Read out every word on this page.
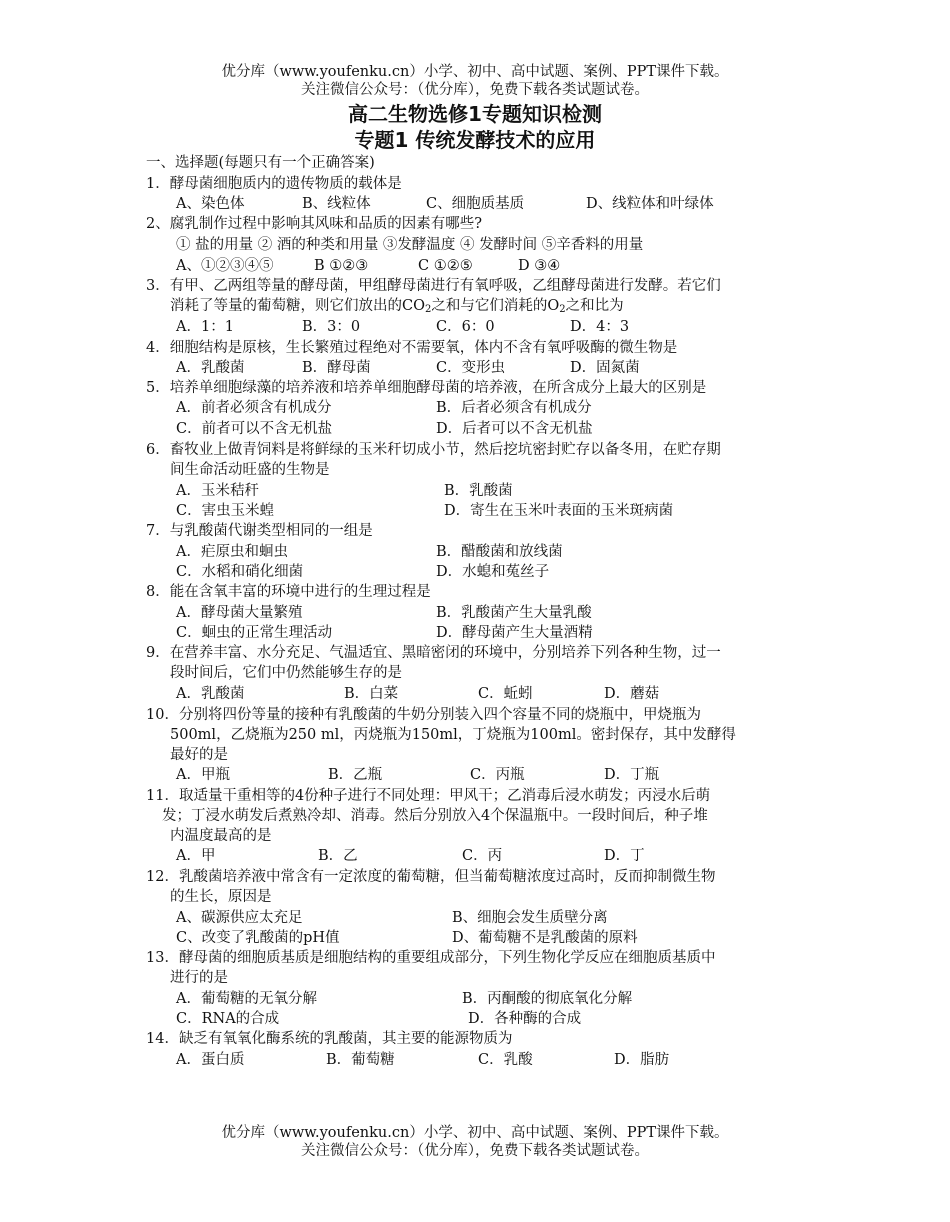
优分库（www.youfenku.cn）小学、初中、高中试题、案例、PPT课件下载。
关注微信公众号：（优分库），免费下载各类试题试卷。
高二生物选修1专题知识检测
专题1 传统发酵技术的应用
一、选择题(每题只有一个正确答案)
1．酵母菌细胞质内的遗传物质的载体是
A、染色体	B、线粒体	C、细胞质基质	D、线粒体和叶绿体
2、腐乳制作过程中影响其风味和品质的因素有哪些?
① 盐的用量 ② 酒的种类和用量 ③发酵温度 ④ 发酵时间 ⑤辛香料的用量
A、①②③④⑤	B ①②③	C ①②⑤	D ③④
3．有甲、乙两组等量的酵母菌，甲组酵母菌进行有氧呼吸，乙组酵母菌进行发酵。若它们
消耗了等量的葡萄糖，则它们放出的$CO_2$之和与它们消耗的$O_2$之和比为
A．1：1	B．3：0	C．6：0	D．4：3
4．细胞结构是原核，生长繁殖过程绝对不需要氧，体内不含有氧呼吸酶的微生物是
A．乳酸菌	B．酵母菌	C．变形虫	D．固氮菌
5．培养单细胞绿藻的培养液和培养单细胞酵母菌的培养液，在所含成分上最大的区别是
A．前者必须含有机成分	B．后者必须含有机成分
C．前者可以不含无机盐	D．后者可以不含无机盐
6．畜牧业上做青饲料是将鲜绿的玉米秆切成小节，然后挖坑密封贮存以备冬用，在贮存期
间生命活动旺盛的生物是
A．玉米秸秆	B．乳酸菌
C．害虫玉米蝗	D．寄生在玉米叶表面的玉米斑病菌
7．与乳酸菌代谢类型相同的一组是
A．疟原虫和蛔虫	B．醋酸菌和放线菌
C．水稻和硝化细菌	D．水螅和菟丝子
8．能在含氧丰富的环境中进行的生理过程是
A．酵母菌大量繁殖	B．乳酸菌产生大量乳酸
C．蛔虫的正常生理活动	D．酵母菌产生大量酒精
9．在营养丰富、水分充足、气温适宜、黑暗密闭的环境中，分别培养下列各种生物，过一
段时间后，它们中仍然能够生存的是
A．乳酸菌	B．白菜	C．蚯蚓	D．蘑菇
10．分别将四份等量的接种有乳酸菌的牛奶分别装入四个容量不同的烧瓶中，甲烧瓶为
500ml，乙烧瓶为250 ml，丙烧瓶为150ml，丁烧瓶为100ml。密封保存，其中发酵得
最好的是
A．甲瓶	B．乙瓶	C．丙瓶	D．丁瓶
11．取适量干重相等的4份种子进行不同处理：甲风干；乙消毒后浸水萌发；丙浸水后萌
发；丁浸水萌发后煮熟冷却、消毒。然后分别放入4个保温瓶中。一段时间后，种子堆
内温度最高的是
A．甲	B．乙	C．丙	D．丁
12．乳酸菌培养液中常含有一定浓度的葡萄糖，但当葡萄糖浓度过高时，反而抑制微生物
的生长，原因是
A、碳源供应太充足	B、细胞会发生质壁分离
C、改变了乳酸菌的pH值	D、葡萄糖不是乳酸菌的原料
13．酵母菌的细胞质基质是细胞结构的重要组成部分，下列生物化学反应在细胞质基质中
进行的是
A．葡萄糖的无氧分解	B．丙酮酸的彻底氧化分解
C．RNA的合成	D．各种酶的合成
14．缺乏有氧氧化酶系统的乳酸菌，其主要的能源物质为
A．蛋白质	B．葡萄糖	C．乳酸	D．脂肪
优分库（www.youfenku.cn）小学、初中、高中试题、案例、PPT课件下载。
关注微信公众号：（优分库），免费下载各类试题试卷。
